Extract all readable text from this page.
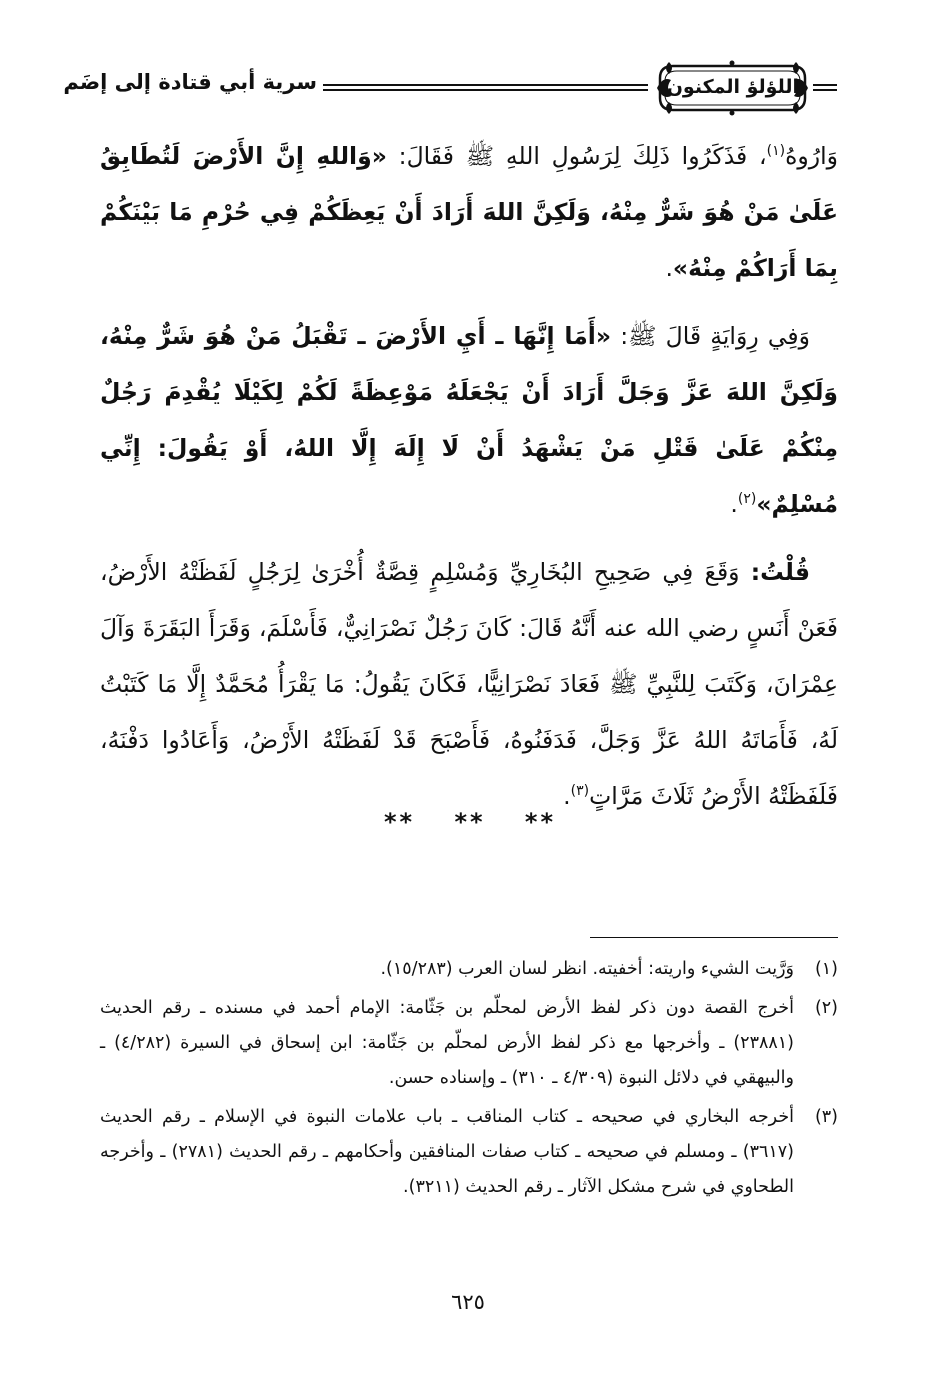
سرية أبي قتادة إلى إضَم	اللؤلؤ المكنون

وَارُوهُ$^{(١)}$، فَذَكَرُوا ذَلِكَ لِرَسُولِ اللهِ ﷺ فَقَالَ: «وَاللهِ إِنَّ الأَرْضَ لَتُطَابِقُ عَلَىٰ مَنْ هُوَ شَرٌّ مِنْهُ، وَلَكِنَّ اللهَ أَرَادَ أَنْ يَعِظَكُمْ فِي حُرْمِ مَا بَيْنَكُمْ بِمَا أَرَاكُمْ مِنْهُ».

وَفِي رِوَايَةٍ قَالَ ﷺ: «أَمَا إِنَّهَا ـ أَيِ الأَرْضَ ـ تَقْبَلُ مَنْ هُوَ شَرٌّ مِنْهُ، وَلَكِنَّ اللهَ عَزَّ وَجَلَّ أَرَادَ أَنْ يَجْعَلَهُ مَوْعِظَةً لَكُمْ لِكَيْلَا يُقْدِمَ رَجُلٌ مِنْكُمْ عَلَىٰ قَتْلِ مَنْ يَشْهَدُ أَنْ لَا إِلَهَ إِلَّا اللهُ، أَوْ يَقُولَ: إِنِّي مُسْلِمٌ»$^{(٢)}$.

قُلْتُ: وَقَعَ فِي صَحِيحِ البُخَارِيِّ وَمُسْلِمٍ قِصَّةٌ أُخْرَىٰ لِرَجُلٍ لَفَظَتْهُ الأَرْضُ، فَعَنْ أَنَسٍ رضي الله عنه أَنَّهُ قَالَ: كَانَ رَجُلٌ نَصْرَانِيٌّ، فَأَسْلَمَ، وَقَرَأَ البَقَرَةَ وَآلَ عِمْرَانَ، وَكَتَبَ لِلنَّبِيِّ ﷺ فَعَادَ نَصْرَانِيًّا، فَكَانَ يَقُولُ: مَا يَقْرَأُ مُحَمَّدٌ إِلَّا مَا كَتَبْتُ لَهُ، فَأَمَاتَهُ اللهُ عَزَّ وَجَلَّ، فَدَفَنُوهُ، فَأَصْبَحَ قَدْ لَفَظَتْهُ الأَرْضُ، وَأَعَادُوا دَفْنَهُ، فَلَفَظَتْهُ الأَرْضُ ثَلَاثَ مَرَّاتٍ$^{(٣)}$.

** ** **
(١)
وَرَّيت الشيء واريته: أخفيته. انظر لسان العرب (١٥/٢٨٣).
(٢)
أخرج القصة دون ذكر لفظ الأرض لمحلّم بن جَثّامة: الإمام أحمد في مسنده ـ رقم الحديث (٢٣٨٨١) ـ وأخرجها مع ذكر لفظ الأرض لمحلّم بن جَثّامة: ابن إسحاق في السيرة (٤/٢٨٢) ـ والبيهقي في دلائل النبوة (٤/٣٠٩ ـ ٣١٠) ـ وإسناده حسن.
(٣)
أخرجه البخاري في صحيحه ـ كتاب المناقب ـ باب علامات النبوة في الإسلام ـ رقم الحديث (٣٦١٧) ـ ومسلم في صحيحه ـ كتاب صفات المنافقين وأحكامهم ـ رقم الحديث (٢٧٨١) ـ وأخرجه الطحاوي في شرح مشكل الآثار ـ رقم الحديث (٣٢١١).
٦٢٥
